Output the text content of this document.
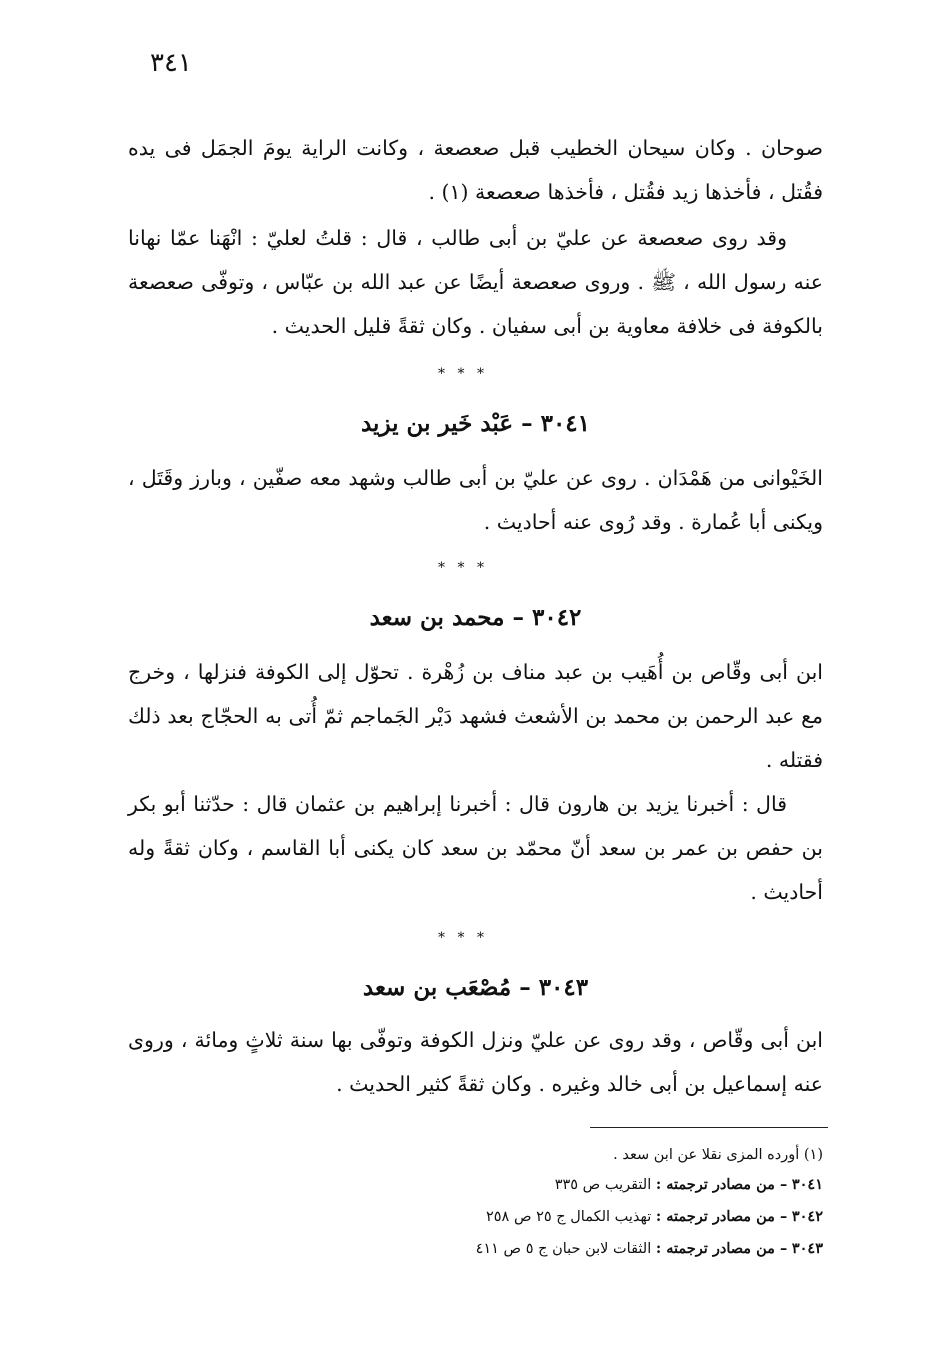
٣٤١

صوحان . وكان سيحان الخطيب قبل صعصعة ، وكانت الراية يومَ الجمَل فى يده فقُتل ، فأخذها زيد فقُتل ، فأخذها صعصعة (١) .

وقد روى صعصعة عن عليّ بن أبى طالب ، قال : قلتُ لعليّ : انْهَنا عمّا نهانا عنه رسول الله ، ﷺ . وروى صعصعة أيضًا عن عبد الله بن عبّاس ، وتوفّى صعصعة بالكوفة فى خلافة معاوية بن أبى سفيان . وكان ثقةً قليل الحديث .

* * *
٣٠٤١ – عَبْد خَير بن يزيد

الخَيْوانى من هَمْدَان . روى عن عليّ بن أبى طالب وشهد معه صفّين ، وبارز وقَتَل ، ويكنى أبا عُمارة . وقد رُوى عنه أحاديث .

* * *
٣٠٤٢ – محمد بن سعد

ابن أبى وقّاص بن أُهَيب بن عبد مناف بن زُهْرة . تحوّل إلى الكوفة فنزلها ، وخرج مع عبد الرحمن بن محمد بن الأشعث فشهد دَيْر الجَماجم ثمّ أُتى به الحجّاج بعد ذلك فقتله .

قال : أخبرنا يزيد بن هارون قال : أخبرنا إبراهيم بن عثمان قال : حدّثنا أبو بكر بن حفص بن عمر بن سعد أنّ محمّد بن سعد كان يكنى أبا القاسم ، وكان ثقةً وله أحاديث .

* * *
٣٠٤٣ – مُصْعَب بن سعد

ابن أبى وقّاص ، وقد روى عن عليّ ونزل الكوفة وتوفّى بها سنة ثلاثٍ ومائة ، وروى عنه إسماعيل بن أبى خالد وغيره . وكان ثقةً كثير الحديث .

(١) أورده المزى نقلا عن ابن سعد .

٣٠٤١ – من مصادر ترجمته : التقريب ص ٣٣٥

٣٠٤٢ – من مصادر ترجمته : تهذيب الكمال ج ٢٥ ص ٢٥٨

٣٠٤٣ – من مصادر ترجمته : الثقات لابن حبان ج ٥ ص ٤١١
